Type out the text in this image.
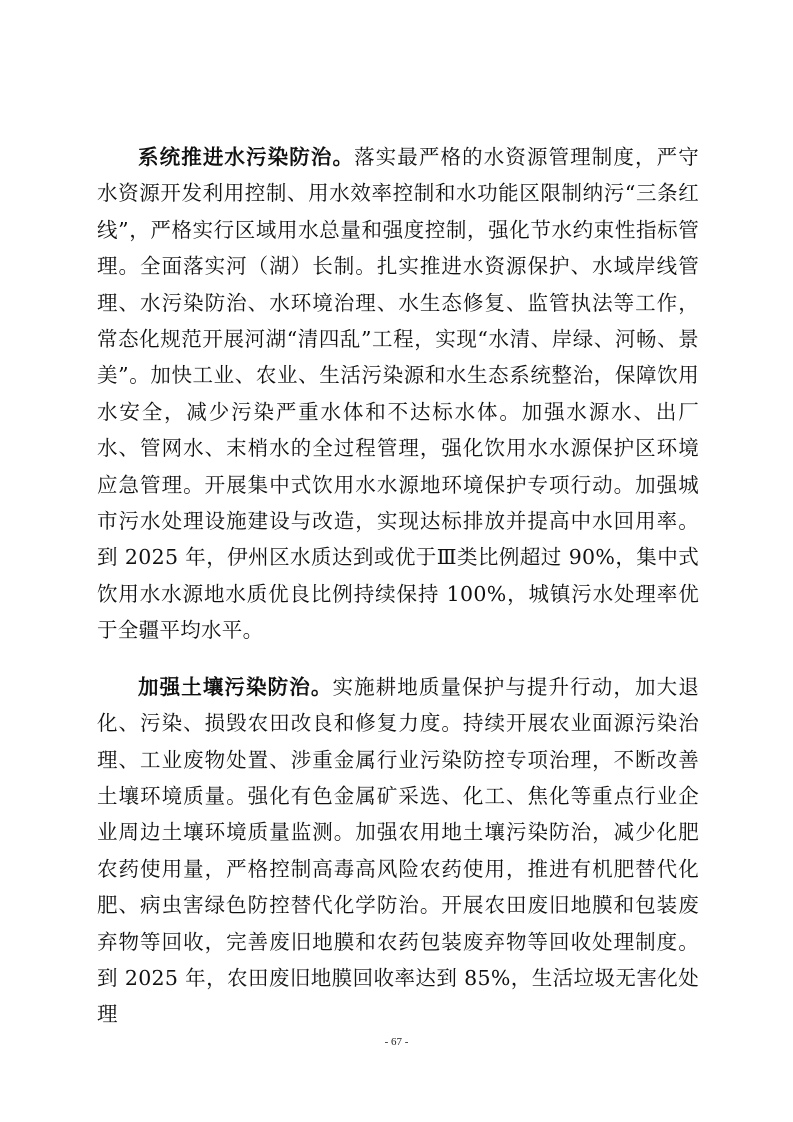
系统推进水污染防治。落实最严格的水资源管理制度，严守水资源开发利用控制、用水效率控制和水功能区限制纳污“三条红线”，严格实行区域用水总量和强度控制，强化节水约束性指标管理。全面落实河（湖）长制。扎实推进水资源保护、水域岸线管理、水污染防治、水环境治理、水生态修复、监管执法等工作，常态化规范开展河湖“清四乱”工程，实现“水清、岸绿、河畅、景美”。加快工业、农业、生活污染源和水生态系统整治，保障饮用水安全，减少污染严重水体和不达标水体。加强水源水、出厂水、管网水、末梢水的全过程管理，强化饮用水水源保护区环境应急管理。开展集中式饮用水水源地环境保护专项行动。加强城市污水处理设施建设与改造，实现达标排放并提高中水回用率。到 2025 年，伊州区水质达到或优于Ⅲ类比例超过 90%，集中式饮用水水源地水质优良比例持续保持 100%，城镇污水处理率优于全疆平均水平。

加强土壤污染防治。实施耕地质量保护与提升行动，加大退化、污染、损毁农田改良和修复力度。持续开展农业面源污染治理、工业废物处置、涉重金属行业污染防控专项治理，不断改善土壤环境质量。强化有色金属矿采选、化工、焦化等重点行业企业周边土壤环境质量监测。加强农用地土壤污染防治，减少化肥农药使用量，严格控制高毒高风险农药使用，推进有机肥替代化肥、病虫害绿色防控替代化学防治。开展农田废旧地膜和包装废弃物等回收，完善废旧地膜和农药包装废弃物等回收处理制度。到 2025 年，农田废旧地膜回收率达到 85%，生活垃圾无害化处理

- 67 -
